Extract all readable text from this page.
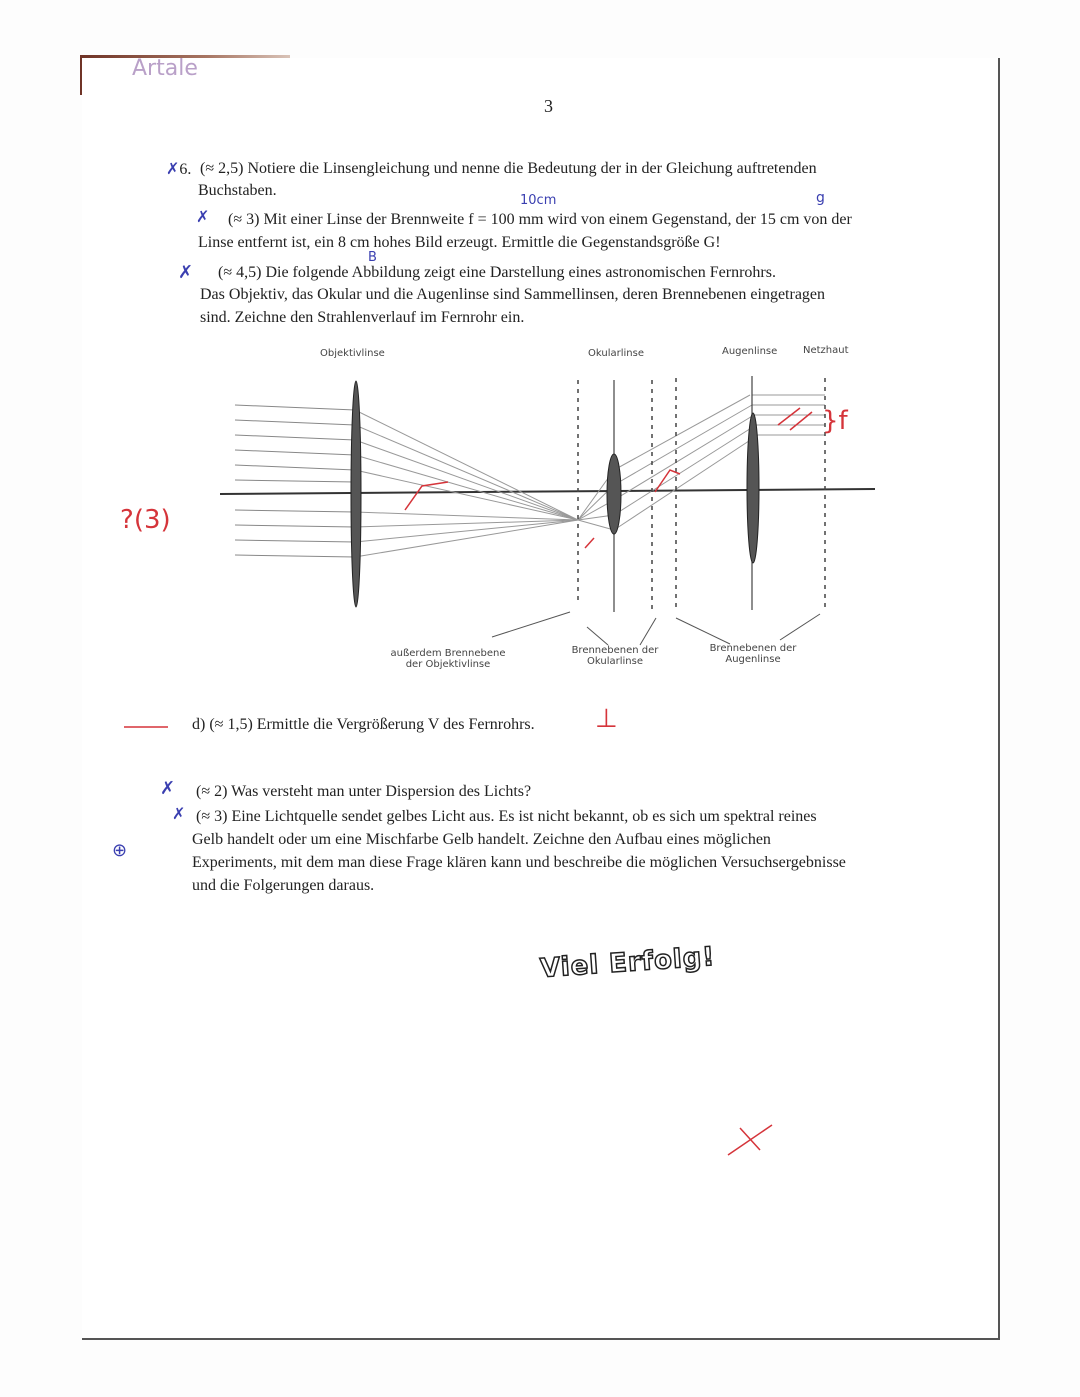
Artale
3
✗6. (≈ 2,5) Notiere die Linsengleichung und nenne die Bedeutung der in der Gleichung auftretenden
Buchstaben.
10cm	g
(≈ 3) Mit einer Linse der Brennweite f = 100 mm wird von einem Gegenstand, der 15 cm von der
Linse entfernt ist, ein 8 cm hohes Bild erzeugt. Ermittle die Gegenstandsgröße G!
B
✗
(≈ 4,5) Die folgende Abbildung zeigt eine Darstellung eines astronomischen Fernrohrs.
Das Objektiv, das Okular und die Augenlinse sind Sammellinsen, deren Brennebenen eingetragen
sind. Zeichne den Strahlenverlauf im Fernrohr ein.
✗
Objektivlinse	Okularlinse	Augenlinse	Netzhaut
außerdem Brennebene
der Objektivlinse
Brennebenen der
Okularlinse
Brennebenen der
Augenlinse
?(3)
}f
d) (≈ 1,5) Ermittle die Vergrößerung V des Fernrohrs. ⊥
✗ (≈ 2) Was versteht man unter Dispersion des Lichts?
✗ (≈ 3) Eine Lichtquelle sendet gelbes Licht aus. Es ist nicht bekannt, ob es sich um spektral reines
Gelb handelt oder um eine Mischfarbe Gelb handelt. Zeichne den Aufbau eines möglichen
Experiments, mit dem man diese Frage klären kann und beschreibe die möglichen Versuchsergebnisse
und die Folgerungen daraus.
⊕
Viel Erfolg!
